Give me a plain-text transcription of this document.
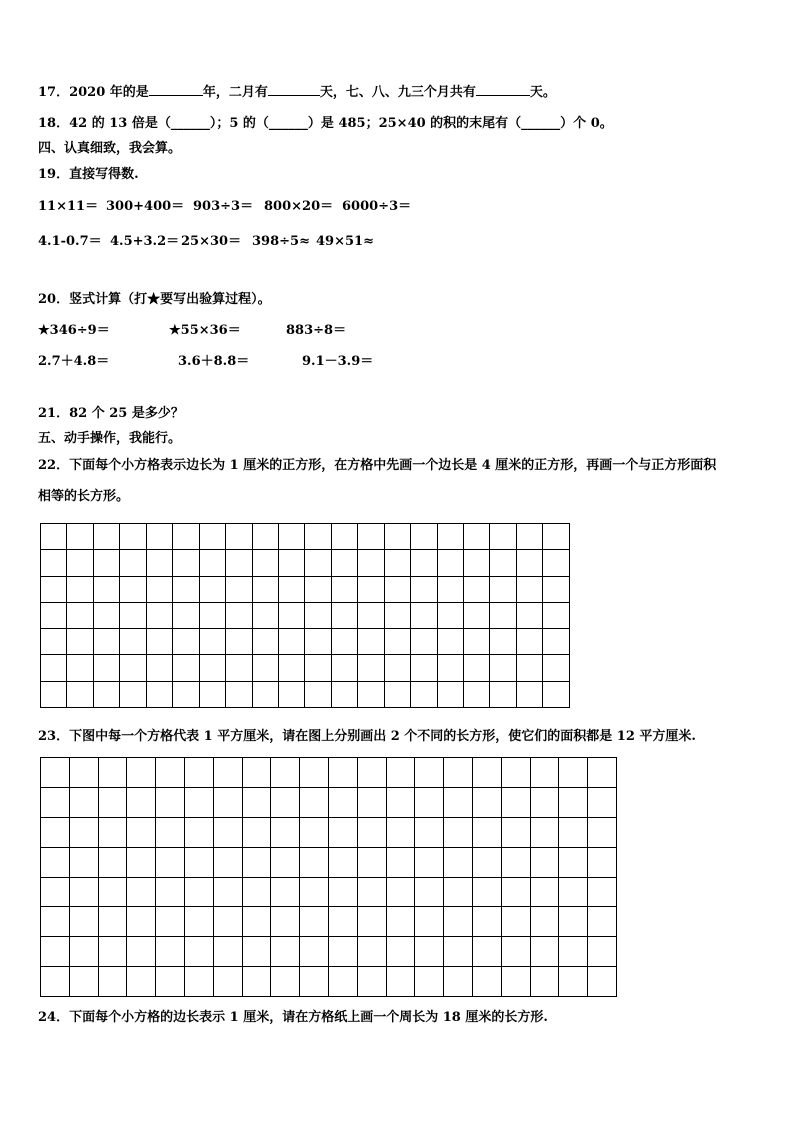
17．2020 年的是	年，二月有	天，七、八、九三个月共有	天。
18．42 的 13 倍是（______）；5 的（______）是 485；25×40 的积的末尾有（______）个 0。
四、认真细致，我会算。
19．直接写得数.
11×11＝ 300+400＝ 903÷3＝ 800×20＝ 6000÷3＝
4.1-0.7＝ 4.5+3.2＝ 25×30＝ 398÷5≈ 49×51≈
20．竖式计算（打★要写出验算过程）。
★346÷9＝	★55×36＝	883÷8＝
2.7＋4.8＝	3.6＋8.8＝	9.1－3.9＝
21．82 个 25 是多少？
五、动手操作，我能行。
22．下面每个小方格表示边长为 1 厘米的正方形，在方格中先画一个边长是 4 厘米的正方形，再画一个与正方形面积
相等的长方形。

23．下图中每一个方格代表 1 平方厘米，请在图上分别画出 2 个不同的长方形，使它们的面积都是 12 平方厘米.

24．下面每个小方格的边长表示 1 厘米，请在方格纸上画一个周长为 18 厘米的长方形.
